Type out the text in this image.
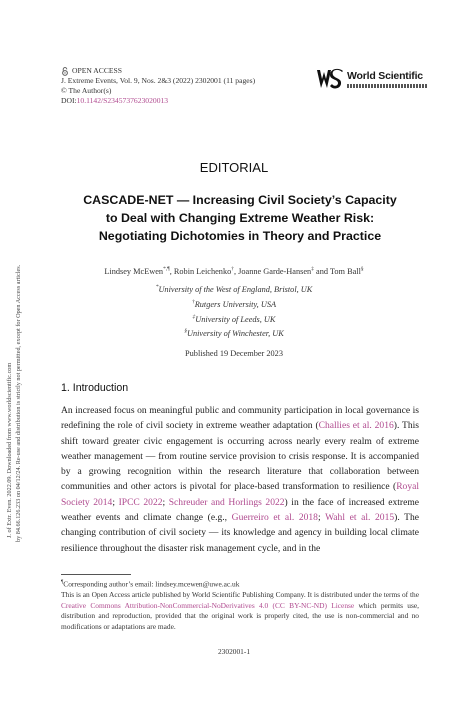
J. of Extr. Even. 2022.09. Downloaded from www.worldscientific.com by 84.66.126.233 on 04/12/24. Re-use and distribution is strictly not permitted, except for Open Access articles.
OPEN ACCESS
J. Extreme Events, Vol. 9, Nos. 2&3 (2022) 2302001 (11 pages)
© The Author(s)
DOI: 10.1142/S2345737623020013
World Scientific
EDITORIAL
CASCADE-NET — Increasing Civil Society’s Capacity
to Deal with Changing Extreme Weather Risk:
Negotiating Dichotomies in Theory and Practice
Lindsey McEwen*,¶, Robin Leichenko†, Joanne Garde-Hansen‡ and Tom Ball§
*University of the West of England, Bristol, UK
†Rutgers University, USA
‡University of Leeds, UK
§University of Winchester, UK
Published 19 December 2023
1. Introduction
An increased focus on meaningful public and community participation in local governance is redefining the role of civil society in extreme weather adaptation (Challies et al. 2016). This shift toward greater civic engagement is occurring across nearly every realm of extreme weather management — from routine service provision to crisis response. It is accompanied by a growing recognition within the research literature that collaboration between communities and other actors is pivotal for place-based transformation to resilience (Royal Society 2014; IPCC 2022; Schreuder and Horlings 2022) in the face of increased extreme weather events and climate change (e.g., Guerreiro et al. 2018; Wahl et al. 2015). The changing contribution of civil society — its knowledge and agency in building local climate resilience throughout the disaster risk management cycle, and in the
¶Corresponding author’s email: lindsey.mcewen@uwe.ac.uk
This is an Open Access article published by World Scientific Publishing Company. It is distributed under the terms of the Creative Commons Attribution-NonCommercial-NoDerivatives 4.0 (CC BY-NC-ND) License which permits use, distribution and reproduction, provided that the original work is properly cited, the use is non-commercial and no modifications or adaptations are made.
2302001-1
